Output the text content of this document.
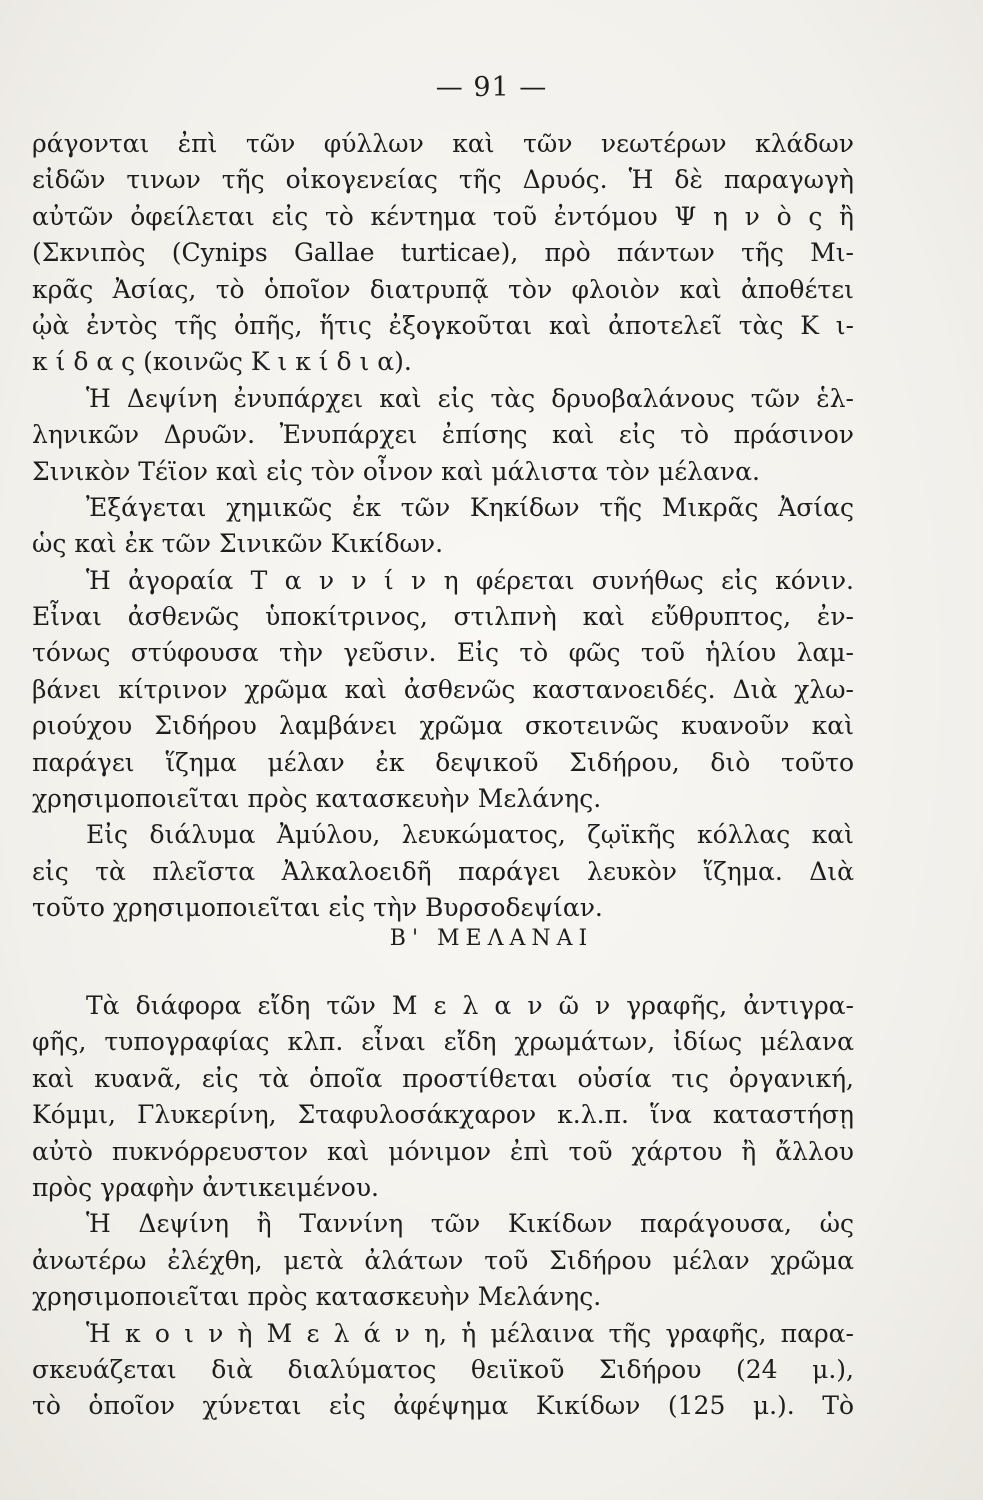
— 91 —
ράγονται ἐπὶ τῶν φύλλων καὶ τῶν νεωτέρων κλάδων
εἰδῶν τινων τῆς οἰκογενείας τῆς Δρυός. Ἡ δὲ παραγωγὴ
αὐτῶν ὀφείλεται εἰς τὸ κέντημα τοῦ ἐντόμου Ψ η ν ὸ ς ἢ
(Σκνιπὸς (Cynips Gallae turticae), πρὸ πάντων τῆς Μι-
κρᾶς Ἀσίας, τὸ ὁποῖον διατρυπᾷ τὸν φλοιὸν καὶ ἀποθέτει
ᾠὰ ἐντὸς τῆς ὀπῆς, ἥτις ἐξογκοῦται καὶ ἀποτελεῖ τὰς Κ ι-
κ ί δ α ς (κοινῶς Κ ι κ ί δ ι α).
Ἡ Δεψίνη ἐνυπάρχει καὶ εἰς τὰς δρυοβαλάνους τῶν ἑλ-
ληνικῶν Δρυῶν. Ἐνυπάρχει ἐπίσης καὶ εἰς τὸ πράσινον
Σινικὸν Τέϊον καὶ εἰς τὸν οἶνον καὶ μάλιστα τὸν μέλανα.
Ἐξάγεται χημικῶς ἐκ τῶν Κηκίδων τῆς Μικρᾶς Ἀσίας
ὡς καὶ ἐκ τῶν Σινικῶν Κικίδων.
Ἡ ἀγοραία Τ α ν ν ί ν η φέρεται συνήθως εἰς κόνιν.
Εἶναι ἀσθενῶς ὑποκίτρινος, στιλπνὴ καὶ εὔθρυπτος, ἐν-
τόνως στύφουσα τὴν γεῦσιν. Εἰς τὸ φῶς τοῦ ἡλίου λαμ-
βάνει κίτρινον χρῶμα καὶ ἀσθενῶς καστανοειδές. Διὰ χλω-
ριούχου Σιδήρου λαμβάνει χρῶμα σκοτεινῶς κυανοῦν καὶ
παράγει ἵζημα μέλαν ἐκ δεψικοῦ Σιδήρου, διὸ τοῦτο
χρησιμοποιεῖται πρὸς κατασκευὴν Μελάνης.
Εἰς διάλυμα Ἀμύλου, λευκώματος, ζῳϊκῆς κόλλας καὶ
εἰς τὰ πλεῖστα Ἀλκαλοειδῆ παράγει λευκὸν ἵζημα. Διὰ
τοῦτο χρησιμοποιεῖται εἰς τὴν Βυρσοδεψίαν.
Β' ΜΕΛΑΝΑΙ
Τὰ διάφορα εἴδη τῶν Μ ε λ α ν ῶ ν γραφῆς, ἀντιγρα-
φῆς, τυπογραφίας κλπ. εἶναι εἴδη χρωμάτων, ἰδίως μέλανα
καὶ κυανᾶ, εἰς τὰ ὁποῖα προστίθεται οὐσία τις ὀργανική,
Κόμμι, Γλυκερίνη, Σταφυλοσάκχαρον κ.λ.π. ἵνα καταστήσῃ
αὐτὸ πυκνόρρευστον καὶ μόνιμον ἐπὶ τοῦ χάρτου ἢ ἄλλου
πρὸς γραφὴν ἀντικειμένου.
Ἡ Δεψίνη ἢ Ταννίνη τῶν Κικίδων παράγουσα, ὡς
ἀνωτέρω ἐλέχθη, μετὰ ἀλάτων τοῦ Σιδήρου μέλαν χρῶμα
χρησιμοποιεῖται πρὸς κατασκευὴν Μελάνης.
Ἡ κ ο ι ν ὴ Μ ε λ ά ν η, ἡ μέλαινα τῆς γραφῆς, παρα-
σκευάζεται διὰ διαλύματος θειϊκοῦ Σιδήρου (24 μ.),
τὸ ὁποῖον χύνεται εἰς ἀφέψημα Κικίδων (125 μ.). Τὸ
